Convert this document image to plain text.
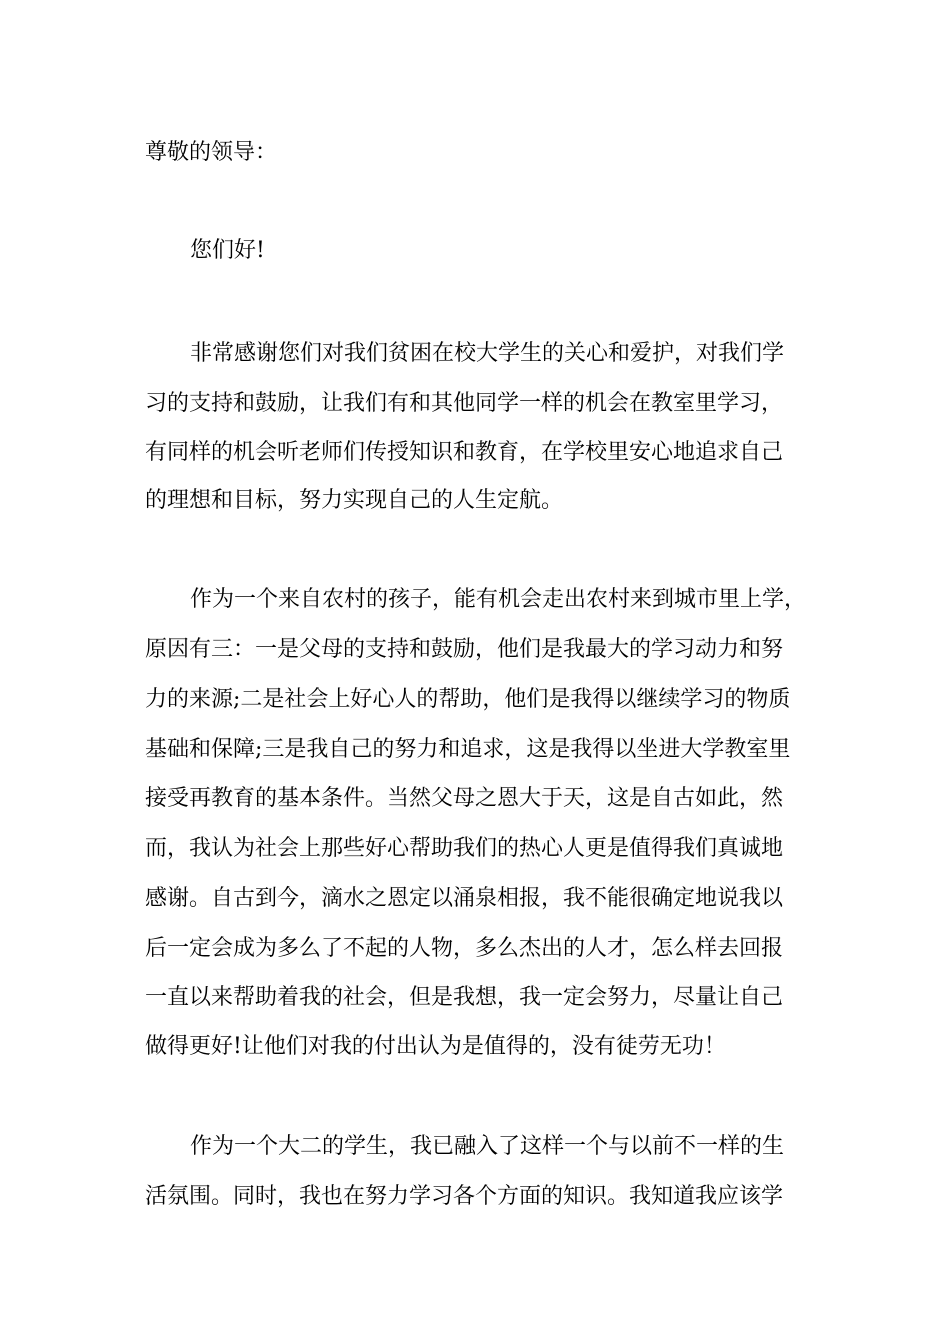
尊敬的领导：
您们好!
非常感谢您们对我们贫困在校大学生的关心和爱护，对我们学
习的支持和鼓励，让我们有和其他同学一样的机会在教室里学习，
有同样的机会听老师们传授知识和教育，在学校里安心地追求自己
的理想和目标，努力实现自己的人生定航。
作为一个来自农村的孩子，能有机会走出农村来到城市里上学，
原因有三：一是父母的支持和鼓励，他们是我最大的学习动力和努
力的来源;二是社会上好心人的帮助，他们是我得以继续学习的物质
基础和保障;三是我自己的努力和追求，这是我得以坐进大学教室里
接受再教育的基本条件。当然父母之恩大于天，这是自古如此，然
而，我认为社会上那些好心帮助我们的热心人更是值得我们真诚地
感谢。自古到今，滴水之恩定以涌泉相报，我不能很确定地说我以
后一定会成为多么了不起的人物，多么杰出的人才，怎么样去回报
一直以来帮助着我的社会，但是我想，我一定会努力，尽量让自己
做得更好!让他们对我的付出认为是值得的，没有徒劳无功！
作为一个大二的学生，我已融入了这样一个与以前不一样的生
活氛围。同时，我也在努力学习各个方面的知识。我知道我应该学
